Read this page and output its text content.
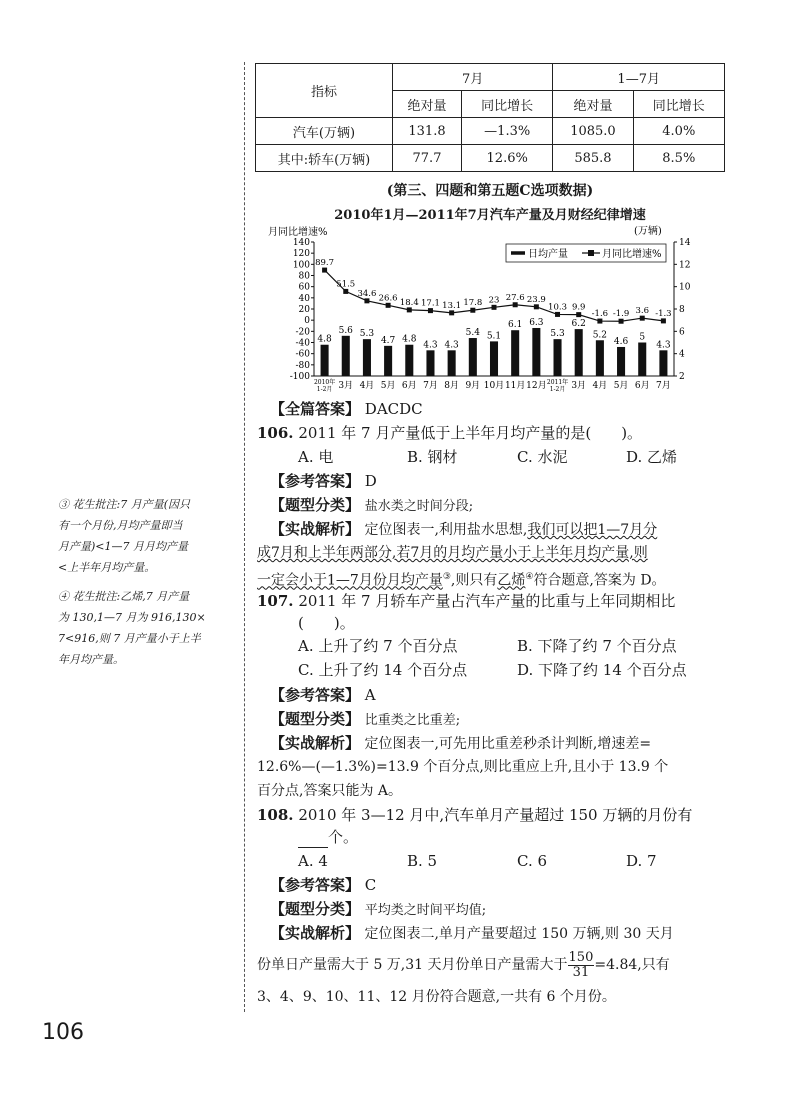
指标	7月		1—7月	
	绝对量	同比增长	绝对量	同比增长
汽车(万辆)	131.8	—1.3%	1085.0	4.0%
其中:轿车(万辆)	77.7	12.6%	585.8	8.5%
(第三、四题和第五题C选项数据)
2010年1月—2011年7月汽车产量及月财经纪律增速
月同比增速%	(万辆)
140
120
100
80
60
40
20
0
-20
-40
-60
-80
-100
14
12
10
8
6
4
2
2010年
1-2月 3月 4月 5月 6月 7月 8月 9月 10月 11月 12月 2011年
1-2月 3月 4月 5月 6月 7月
4.8
5.6 5.3
4.7 4.8
4.3 4.3
5.4 5.1
6.1 6.3
5.3
6.2
5.2
4.6 5
4.3
89.7
51.5
34.6 26.6 18.4 17.1 13.1 17.8 23 27.6 23.9
10.3 9.9
-1.6 -1.9 3.6 -1.3
日均产量	月同比增速%
【全篇答案】 DACDC
106. 2011 年 7 月产量低于上半年月均产量的是(　　)。
A. 电	B. 钢材	C. 水泥	D. 乙烯
【参考答案】 D
【题型分类】 盐水类之时间分段;
【实战解析】 定位图表一,利用盐水思想,我们可以把1—7月分
成7月和上半年两部分,若7月的月均产量小于上半年月均产量,则
一定会小于1—7月份月均产量③,则只有乙烯④符合题意,答案为 D。
107. 2011 年 7 月轿车产量占汽车产量的比重与上年同期相比
(　　)。
A. 上升了约 7 个百分点	B. 下降了约 7 个百分点
C. 上升了约 14 个百分点	D. 下降了约 14 个百分点
【参考答案】 A
【题型分类】 比重类之比重差;
【实战解析】 定位图表一,可先用比重差秒杀计判断,增速差=
12.6%—(—1.3%)=13.9 个百分点,则比重应上升,且小于 13.9 个
百分点,答案只能为 A。
108. 2010 年 3—12 月中,汽车单月产量超过 150 万辆的月份有
个。
A. 4	B. 5	C. 6	D. 7
【参考答案】 C
【题型分类】 平均类之时间平均值;
【实战解析】 定位图表二,单月产量要超过 150 万辆,则 30 天月
份单日产量需大于 5 万,31 天月份单日产量需大于 $\frac{150}{31} =4.84$,只有
3、4、9、10、11、12 月份符合题意,一共有 6 个月份。
③ 花生批注:7 月产量(因只
有一个月份,月均产量即当
月产量)<1—7 月月均产量
<上半年月均产量。
④ 花生批注:乙烯,7 月产量
为 130,1—7 月为 916,130×
7<916,则 7 月产量小于上半
年月均产量。
106
